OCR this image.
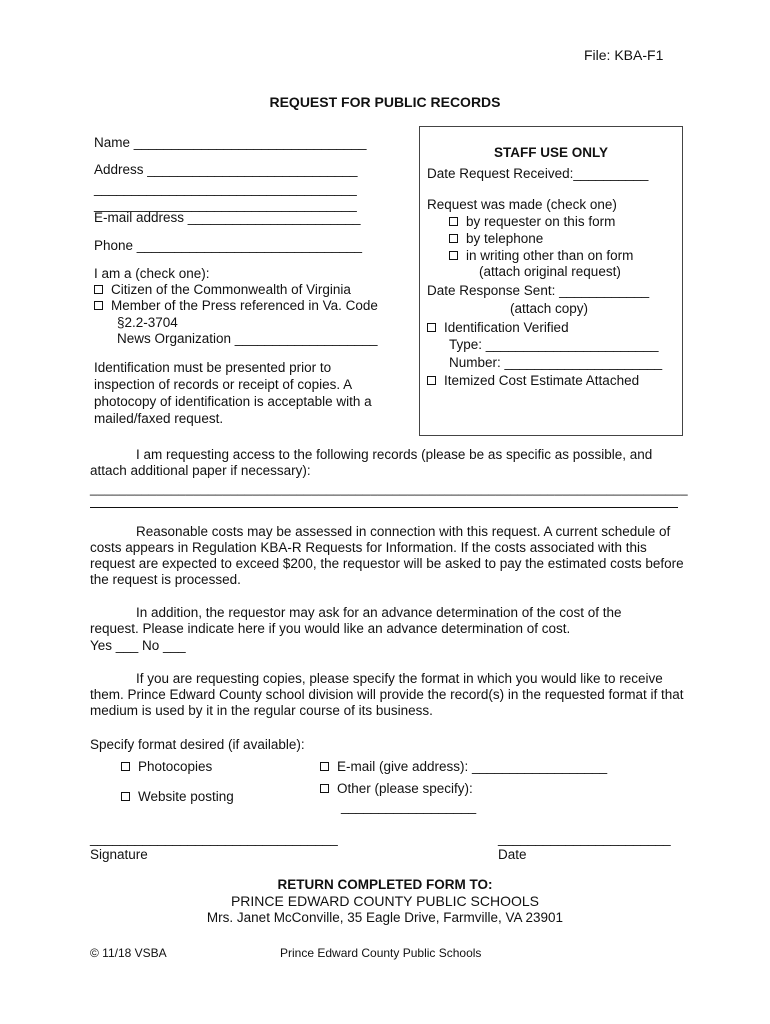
File: KBA-F1
REQUEST FOR PUBLIC RECORDS
Name _______________________________
Address ____________________________
___________________________________
___________________________________
E-mail address _______________________
Phone ______________________________
I am a (check one):
Citizen of the Commonwealth of Virginia
Member of the Press referenced in Va. Code
§2.2-3704
News Organization ___________________
Identification must be presented prior to
inspection of records or receipt of copies. A
photocopy of identification is acceptable with a
mailed/faxed request.
STAFF USE ONLY
Date Request Received:__________
Request was made (check one)
by requester on this form
by telephone
in writing other than on form
(attach original request)
Date Response Sent: ____________
(attach copy)
Identification Verified
Type: _______________________
Number: _____________________
Itemized Cost Estimate Attached
I am requesting access to the following records (please be as specific as possible, and attach additional paper if necessary):
_________________________________________________________________________________
Reasonable costs may be assessed in connection with this request. A current schedule of costs appears in Regulation KBA-R Requests for Information. If the costs associated with this request are expected to exceed $200, the requestor will be asked to pay the estimated costs before the request is processed.
In addition, the requestor may ask for an advance determination of the cost of the request. Please indicate here if you would like an advance determination of cost.
Yes ___ No ___
If you are requesting copies, please specify the format in which you would like to receive them. Prince Edward County school division will provide the record(s) in the requested format if that medium is used by it in the regular course of its business.
Specify format desired (if available):
Photocopies
Website posting
E-mail (give address): __________________
Other (please specify):
__________________
_________________________________
Signature
_______________________
Date
RETURN COMPLETED FORM TO:
PRINCE EDWARD COUNTY PUBLIC SCHOOLS
Mrs. Janet McConville, 35 Eagle Drive, Farmville, VA 23901
© 11/18 VSBA	Prince Edward County Public Schools
